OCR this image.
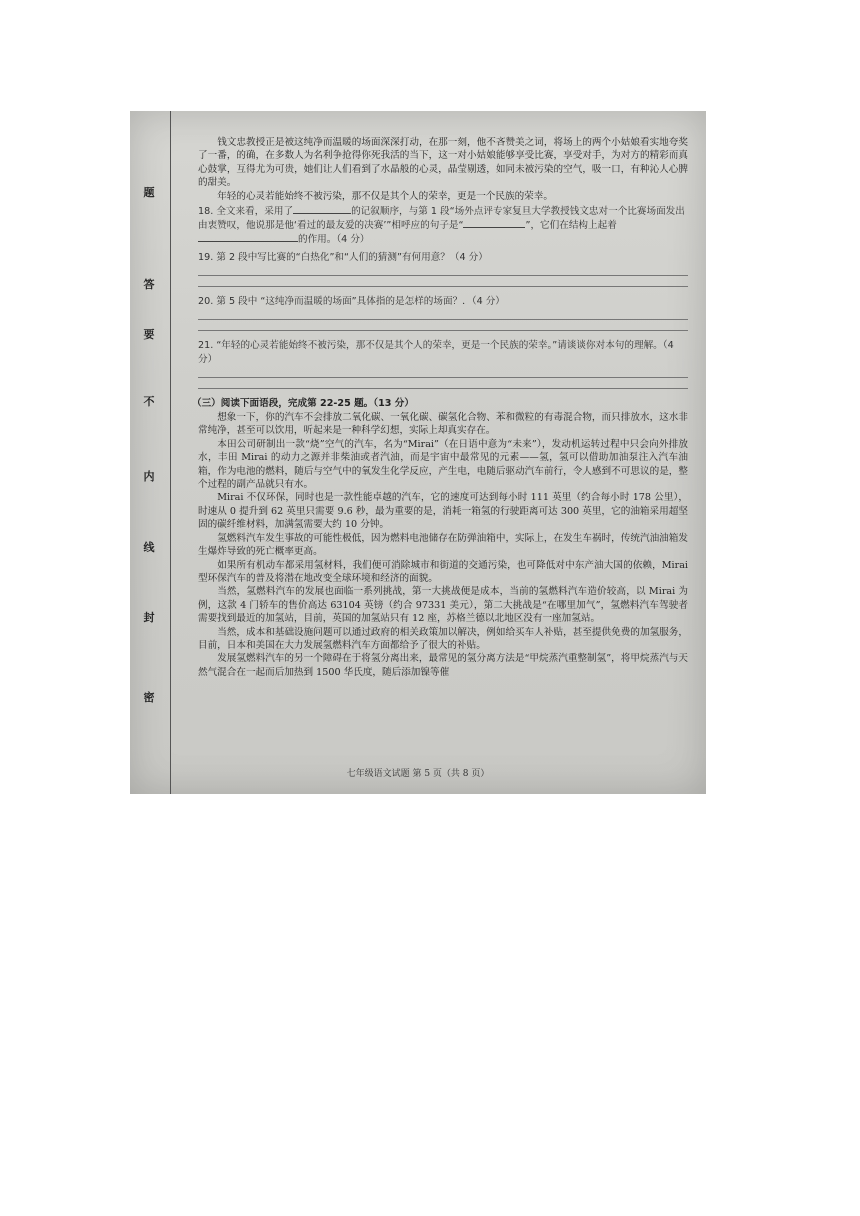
题
答
要
不
内
线
封
密

钱文忠教授正是被这纯净而温暖的场面深深打动，在那一刻，他不吝赞美之词，将场上的两个小姑娘看实地夸奖了一番，的确，在多数人为名利争抢得你死我活的当下，这一对小姑娘能够享受比赛，享受对手，为对方的精彩而真心鼓掌，互得尤为可贵，她们让人们看到了水晶般的心灵，晶莹剔透，如同未被污染的空气，吸一口，有种沁人心脾的甜美。

年轻的心灵若能始终不被污染，那不仅是其个人的荣幸，更是一个民族的荣幸。

18. 全文来看，采用了	的记叙顺序，与第 1 段“场外点评专家复旦大学教授钱文忠对一个比赛场面发出由衷赞叹，他说那是他‘看过的最友爱的决赛’”相呼应的句子是“	”，它们在结构上起着的作用。（4 分）

19. 第 2 段中写比赛的“白热化”和“人们的猜测”有何用意？（4 分）

20. 第 5 段中 “这纯净而温暖的场面”具体指的是怎样的场面？．（4 分）

21. “年轻的心灵若能始终不被污染，那不仅是其个人的荣幸，更是一个民族的荣幸。”请谈谈你对本句的理解。（4 分）

（三）阅读下面语段，完成第 22-25 题。（13 分）

想象一下，你的汽车不会排放二氧化碳、一氧化碳、碳氢化合物、苯和微粒的有毒混合物，而只排放水，这水非常纯净，甚至可以饮用，听起来是一种科学幻想，实际上却真实存在。

本田公司研制出一款“烧”空气的汽车，名为“Mirai”（在日语中意为“未来”），发动机运转过程中只会向外排放水，丰田 Mirai 的动力之源并非柴油或者汽油，而是宇宙中最常见的元素——氢，氢可以借助加油泵注入汽车油箱，作为电池的燃料，随后与空气中的氧发生化学反应，产生电，电随后驱动汽车前行，令人感到不可思议的是，整个过程的副产品就只有水。

Mirai 不仅环保，同时也是一款性能卓越的汽车，它的速度可达到每小时 111 英里（约合每小时 178 公里），时速从 0 提升到 62 英里只需要 9.6 秒，最为重要的是，消耗一箱氢的行驶距离可达 300 英里，它的油箱采用超坚固的碳纤维材料，加满氢需要大约 10 分钟。

氢燃料汽车发生事故的可能性极低，因为燃料电池储存在防弹油箱中，实际上，在发生车祸时，传统汽油油箱发生爆炸导致的死亡概率更高。

如果所有机动车都采用氢材料，我们便可消除城市和街道的交通污染，也可降低对中东产油大国的依赖，Mirai 型环保汽车的普及将潜在地改变全球环境和经济的面貌。

当然，氢燃料汽车的发展也面临一系列挑战，第一大挑战便是成本，当前的氢燃料汽车造价较高，以 Mirai 为例，这款 4 门轿车的售价高达 63104 英镑（约合 97331 美元），第二大挑战是“在哪里加气”，氢燃料汽车驾驶者需要找到最近的加氢站，目前，英国的加氢站只有 12 座，苏格兰德以北地区没有一座加氢站。

当然，成本和基础设施问题可以通过政府的相关政策加以解决，例如给买车人补贴，甚至提供免费的加氢服务，目前，日本和美国在大力发展氢燃料汽车方面都给予了很大的补贴。

发展氢燃料汽车的另一个障碍在于将氢分离出来，最常见的氢分离方法是“甲烷蒸汽重整制氢”，将甲烷蒸汽与天然气混合在一起而后加热到 1500 华氏度，随后添加镍等催

七年级语文试题 第 5 页（共 8 页）
